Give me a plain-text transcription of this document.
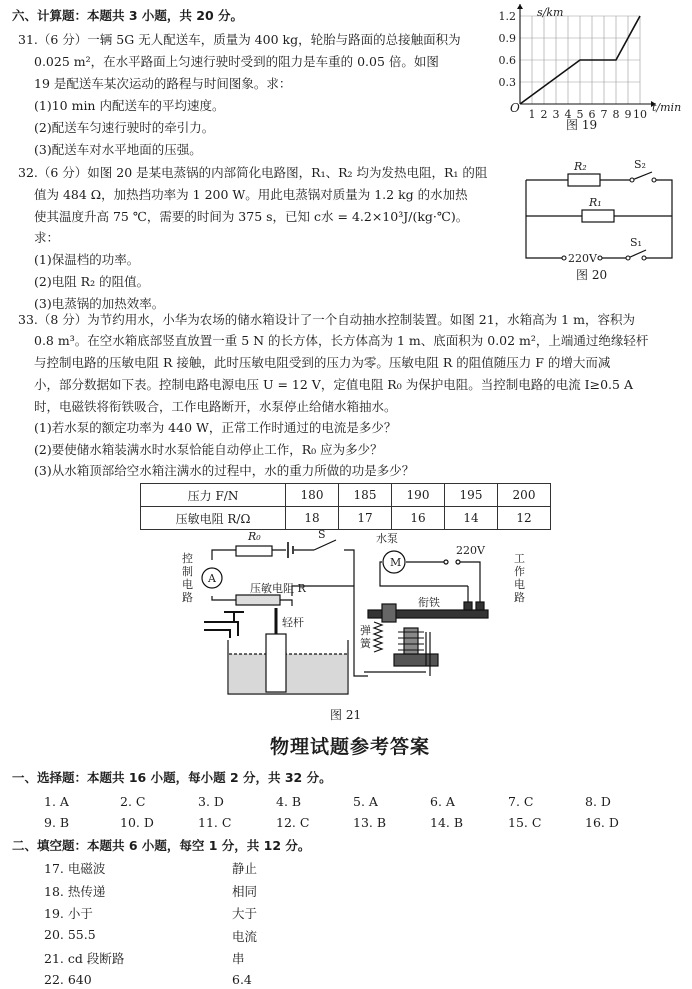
六、计算题：本题共 3 小题，共 20 分。
31.（6 分）一辆 5G 无人配送车，质量为 400 kg，轮胎与路面的总接触面积为
0.025 m²，在水平路面上匀速行驶时受到的阻力是车重的 0.05 倍。如图
19 是配送车某次运动的路程与时间图象。求：
(1)10 min 内配送车的平均速度。
(2)配送车匀速行驶时的牵引力。
(3)配送车对水平地面的压强。
1.2
0.9
0.6
0.3
1 2 3 4 5 6 7 8 9 10
s/km
t/min
O
图 19
32.（6 分）如图 20 是某电蒸锅的内部简化电路图，R₁、R₂ 均为发热电阻，R₁ 的阻
值为 484 Ω，加热挡功率为 1 200 W。用此电蒸锅对质量为 1.2 kg 的水加热
使其温度升高 75 ℃，需要的时间为 375 s，已知 c水 = 4.2×10³J/(kg·℃)。
求：
(1)保温档的功率。
(2)电阻 R₂ 的阻值。
(3)电蒸锅的加热效率。
R₂	S₂
R₁
S₁
220V
图 20
33.（8 分）为节约用水，小华为农场的储水箱设计了一个自动抽水控制装置。如图 21，水箱高为 1 m，容积为
0.8 m³。在空水箱底部竖直放置一重 5 N 的长方体，长方体高为 1 m、底面积为 0.02 m²，上端通过绝缘轻杆
与控制电路的压敏电阻 R 接触，此时压敏电阻受到的压力为零。压敏电阻 R 的阻值随压力 F 的增大而减
小，部分数据如下表。控制电路电源电压 U = 12 V，定值电阻 R₀ 为保护电阻。当控制电路的电流 I≥0.5 A
时，电磁铁将衔铁吸合，工作电路断开，水泵停止给储水箱抽水。
(1)若水泵的额定功率为 440 W，正常工作时通过的电流是多少？
(2)要使储水箱装满水时水泵恰能自动停止工作，R₀ 应为多少？
(3)从水箱顶部给空水箱注满水的过程中，水的重力所做的功是多少？
压力 F/N	180	185	190	195	200
压敏电阻 R/Ω	18	17	16	14	12
A
M
R₀	S	水泵
220V
压敏电阻 R
轻杆
衔铁
控制电路
工作电路
弹簧
图 21
物理试题参考答案
一、选择题：本题共 16 小题，每小题 2 分，共 32 分。
1. A	2. C	3. D	4. B	5. A	6. A	7. C	8. D
9. B	10. D	11. C	12. C	13. B	14. B	15. C	16. D
二、填空题：本题共 6 小题，每空 1 分，共 12 分。
17. 电磁波	静止
18. 热传递	相同
19. 小于	大于
20. 55.5	电流
21. cd 段断路	串
22. 640	6.4
